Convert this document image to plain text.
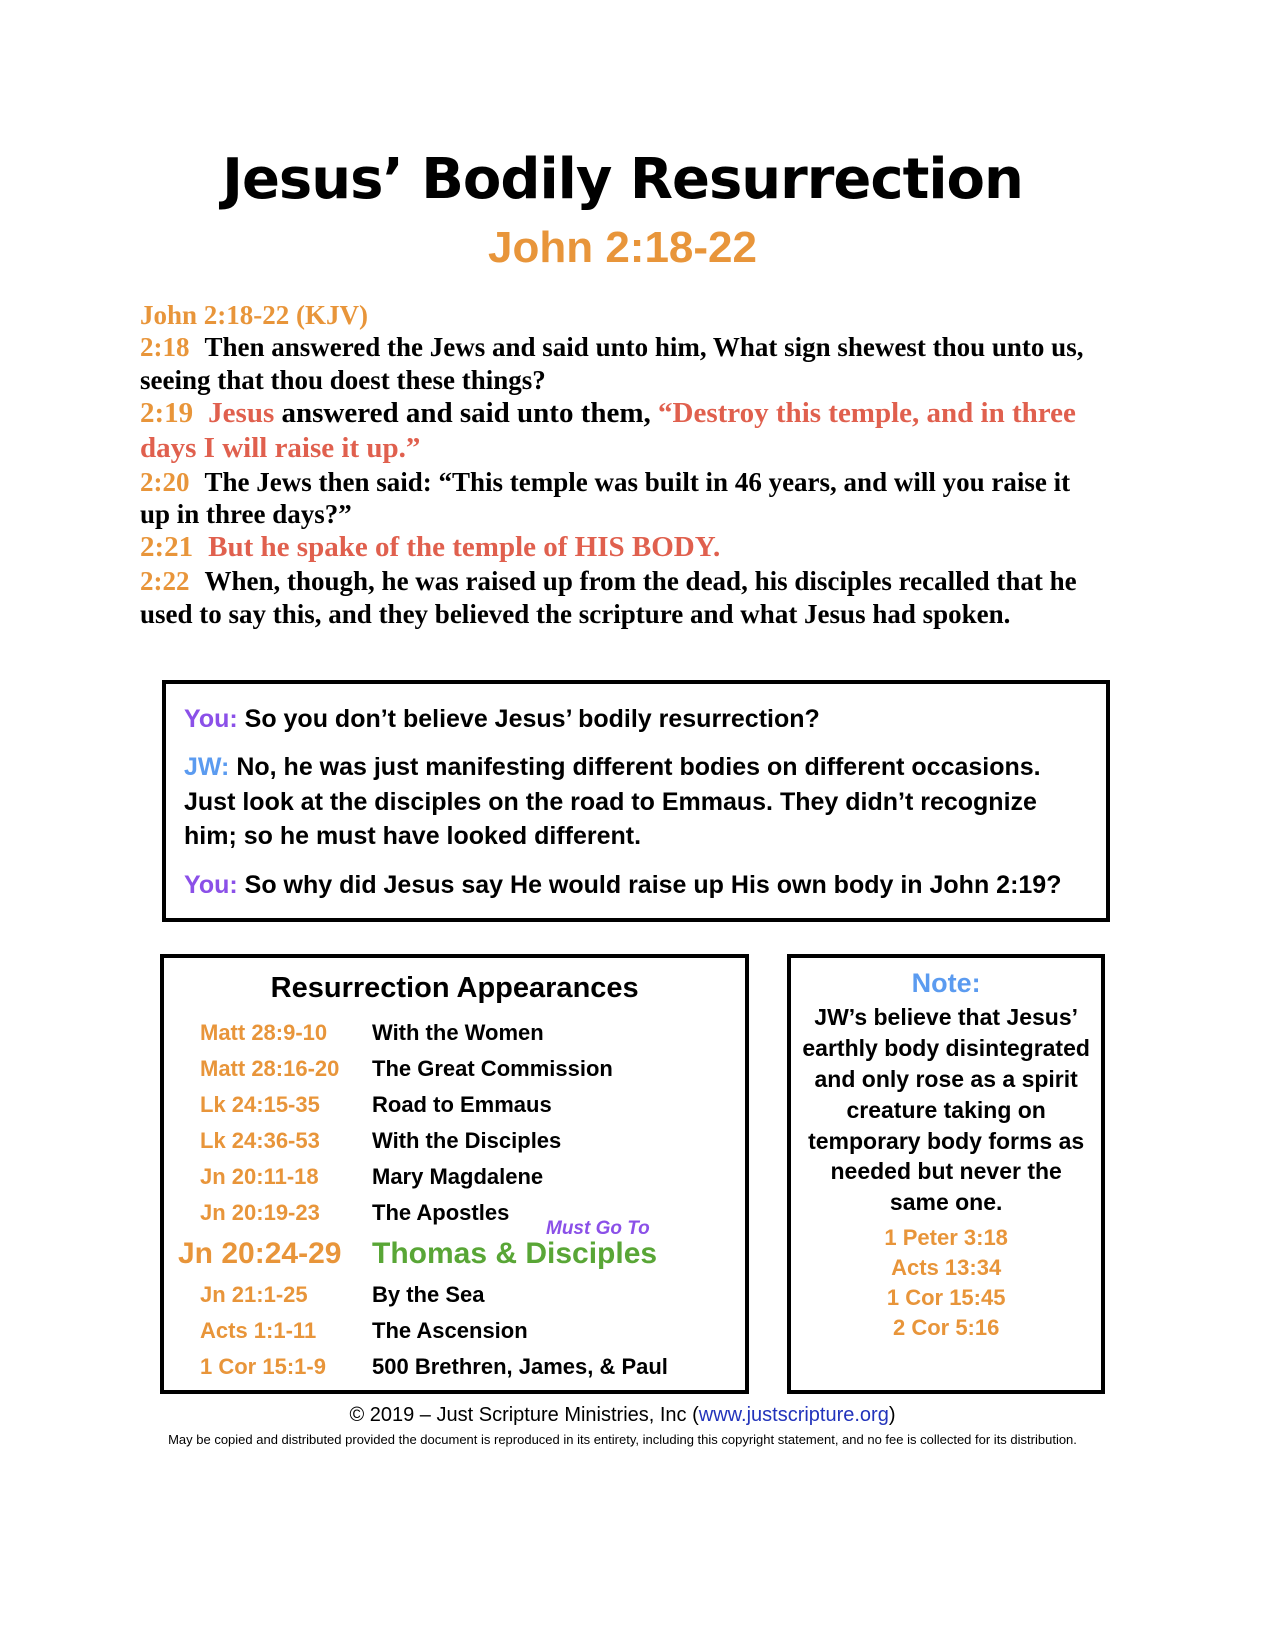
Jesus’ Bodily Resurrection
John 2:18-22

John 2:18-22 (KJV)

2:18 Then answered the Jews and said unto him, What sign shewest thou unto us, seeing that thou doest these things?

2:19 Jesus answered and said unto them, “Destroy this temple, and in three days I will raise it up.”

2:20 The Jews then said: “This temple was built in 46 years, and will you raise it up in three days?”

2:21 But he spake of the temple of HIS BODY.

2:22 When, though, he was raised up from the dead, his disciples recalled that he used to say this, and they believed the scripture and what Jesus had spoken.

You: So you don’t believe Jesus’ bodily resurrection?

JW: No, he was just manifesting different bodies on different occasions. Just look at the disciples on the road to Emmaus. They didn’t recognize him; so he must have looked different.

You: So why did Jesus say He would raise up His own body in John 2:19?

Resurrection Appearances
Matt 28:9-10	With the Women
Matt 28:16-20	The Great Commission
Lk 24:15-35	Road to Emmaus
Lk 24:36-53	With the Disciples
Jn 20:11-18	Mary Magdalene
Jn 20:19-23	The Apostles
Jn 20:24-29	Thomas & Disciples
Jn 21:1-25	By the Sea
Acts 1:1-11	The Ascension
1 Cor 15:1-9	500 Brethren, James, & Paul
Must Go To
Note:
JW’s believe that Jesus’ earthly body disintegrated and only rose as a spirit creature taking on temporary body forms as needed but never the same one.
1 Peter 3:18
Acts 13:34
1 Cor 15:45
2 Cor 5:16

© 2019 – Just Scripture Ministries, Inc (www.justscripture.org)

May be copied and distributed provided the document is reproduced in its entirety, including this copyright statement, and no fee is collected for its distribution.
